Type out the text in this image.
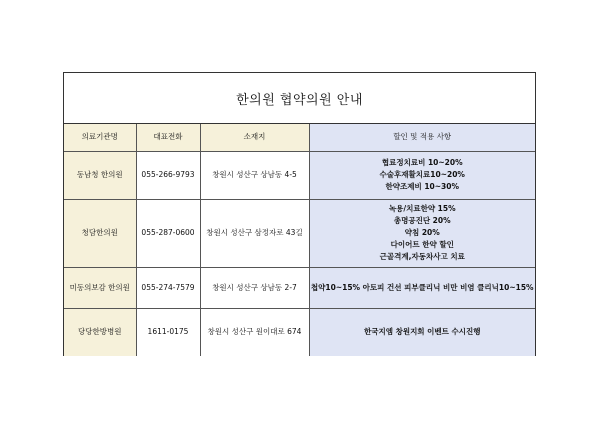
한의원 협약의원 안내
의료기관명	대표전화	소재지	할인 및 적용 사항
동남청 한의원	055-266-9793	창원시 성산구 상남동 4-5	협료정치료비 10~20%
수술후재활치료10~20%
한약조제비 10~30%

청담한의원	055-287-0600	창원시 성산구 삼정자로 43길	녹용/치료한약 15%
총명공진단 20%
약침 20%
다이어트 한약 할인
근골격계,자동차사고 치료

미동의보감 한의원	055-274-7579	창원시 성산구 상남동 2-7	첩약10~15% 아토피 건선 피부클리닉 비만 비염 클리닉10~15%

당당한방병원	1611-0175	창원시 성산구 원이대로 674	한국지엠 창원지회 이벤트 수시진행
